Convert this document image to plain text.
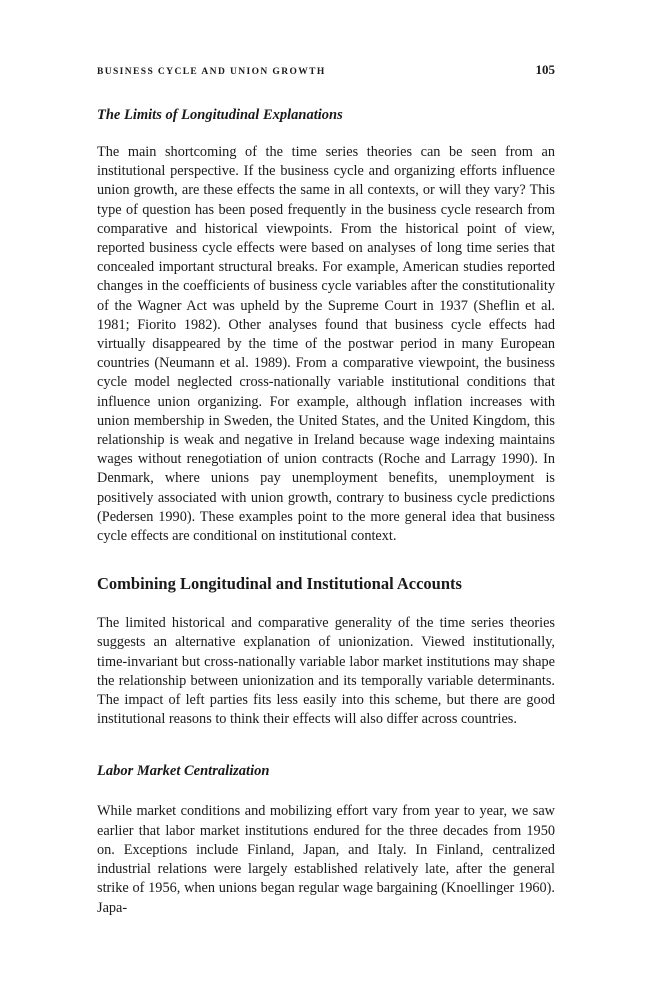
BUSINESS CYCLE AND UNION GROWTH	105
The Limits of Longitudinal Explanations

The main shortcoming of the time series theories can be seen from an institutional perspective. If the business cycle and organizing efforts influence union growth, are these effects the same in all contexts, or will they vary? This type of question has been posed frequently in the business cycle research from comparative and historical viewpoints. From the historical point of view, reported business cycle effects were based on analyses of long time series that concealed important structural breaks. For example, American studies reported changes in the coefficients of business cycle variables after the constitutionality of the Wagner Act was upheld by the Supreme Court in 1937 (Sheflin et al. 1981; Fiorito 1982). Other analyses found that business cycle effects had virtually disappeared by the time of the postwar period in many European countries (Neumann et al. 1989). From a comparative viewpoint, the business cycle model neglected cross-nationally variable institutional conditions that influence union organizing. For example, although inflation increases with union membership in Sweden, the United States, and the United Kingdom, this relationship is weak and negative in Ireland because wage indexing maintains wages without renegotiation of union contracts (Roche and Larragy 1990). In Denmark, where unions pay unemployment benefits, unemployment is positively associated with union growth, contrary to business cycle predictions (Pedersen 1990). These examples point to the more general idea that business cycle effects are conditional on institutional context.

Combining Longitudinal and Institutional Accounts

The limited historical and comparative generality of the time series theories suggests an alternative explanation of unionization. Viewed institutionally, time-invariant but cross-nationally variable labor market institutions may shape the relationship between unionization and its temporally variable determinants. The impact of left parties fits less easily into this scheme, but there are good institutional reasons to think their effects will also differ across countries.

Labor Market Centralization

While market conditions and mobilizing effort vary from year to year, we saw earlier that labor market institutions endured for the three decades from 1950 on. Exceptions include Finland, Japan, and Italy. In Finland, centralized industrial relations were largely established relatively late, after the general strike of 1956, when unions began regular wage bargaining (Knoellinger 1960). Japa-
